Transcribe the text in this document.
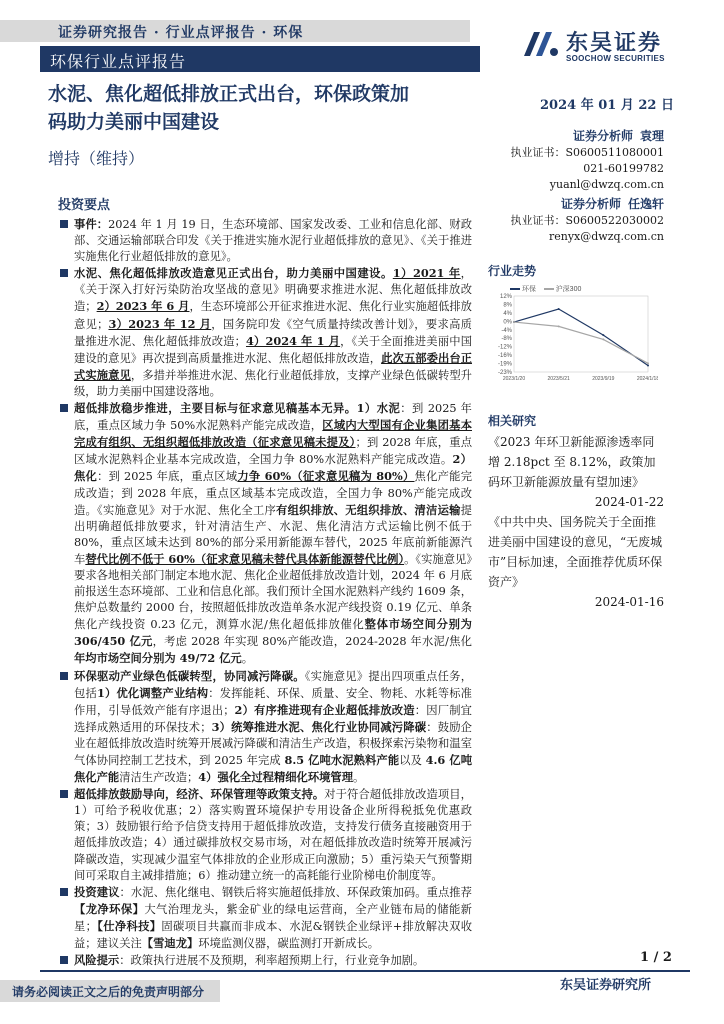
证券研究报告 · 行业点评报告 · 环保
环保行业点评报告
东吴证券
SOOCHOW SECURITIES
水泥、焦化超低排放正式出台，环保政策加
码助力美丽中国建设
增持（维持）
2024 年 01 月 22 日
证券分析师 袁理
执业证书：S0600511080001
021-60199782
yuanl@dwzq.com.cn
证券分析师 任逸轩
执业证书：S0600522030002
renyx@dwzq.com.cn
行业走势
12%
8%
4%
0%
-4%
-8%
-12%
-16%
-19%
-23%
2023/1/20	2023/5/21	2023/9/19	2024/1/18
环保	沪深300
相关研究
《2023 年环卫新能源渗透率同增 2.18pct 至 8.12%，政策加码环卫新能源放量有望加速》
2024-01-22
《中共中央、国务院关于全面推进美丽中国建设的意见，“无废城市”目标加速，全面推荐优质环保资产》
2024-01-16
投资要点
事件：2024 年 1 月 19 日，生态环境部、国家发改委、工业和信息化部、财政部、交通运输部联合印发《关于推进实施水泥行业超低排放的意见》、《关于推进实施焦化行业超低排放的意见》。
水泥、焦化超低排放改造意见正式出台，助力美丽中国建设。1）2021 年，《关于深入打好污染防治攻坚战的意见》明确要求推进水泥、焦化超低排放改造；2）2023 年 6 月，生态环境部公开征求推进水泥、焦化行业实施超低排放意见；3）2023 年 12 月，国务院印发《空气质量持续改善计划》，要求高质量推进水泥、焦化超低排放改造；4）2024 年 1 月，《关于全面推进美丽中国建设的意见》再次提到高质量推进水泥、焦化超低排放改造，此次五部委出台正式实施意见，多措并举推进水泥、焦化行业超低排放，支撑产业绿色低碳转型升级，助力美丽中国建设落地。
超低排放稳步推进，主要目标与征求意见稿基本无异。1）水泥：到 2025 年底，重点区域力争 50%水泥熟料产能完成改造，区域内大型国有企业集团基本完成有组织、无组织超低排放改造（征求意见稿未提及）；到 2028 年底，重点区域水泥熟料企业基本完成改造，全国力争 80%水泥熟料产能完成改造。2）焦化：到 2025 年底，重点区域力争 60%（征求意见稿为 80%）焦化产能完成改造；到 2028 年底，重点区域基本完成改造，全国力争 80%产能完成改造。《实施意见》对于水泥、焦化全工序有组织排放、无组织排放、清洁运输提出明确超低排放要求，针对清洁生产、水泥、焦化清洁方式运输比例不低于 80%，重点区域未达到 80%的部分采用新能源车替代，2025 年底前新能源汽车替代比例不低于 60%（征求意见稿未替代具体新能源替代比例）。《实施意见》要求各地相关部门制定本地水泥、焦化企业超低排放改造计划，2024 年 6 月底前报送生态环境部、工业和信息化部。我们预计全国水泥熟料产线约 1609 条，焦炉总数量约 2000 台，按照超低排放改造单条水泥产线投资 0.19 亿元、单条焦化产线投资 0.23 亿元，测算水泥/焦化超低排放催化整体市场空间分别为 306/450 亿元，考虑 2028 年实现 80%产能改造，2024-2028 年水泥/焦化年均市场空间分别为 49/72 亿元。
环保驱动产业绿色低碳转型，协同减污降碳。《实施意见》提出四项重点任务，包括1）优化调整产业结构：发挥能耗、环保、质量、安全、物耗、水耗等标准作用，引导低效产能有序退出；2）有序推进现有企业超低排放改造：因厂制宜选择成熟适用的环保技术；3）统筹推进水泥、焦化行业协同减污降碳：鼓励企业在超低排放改造时统筹开展减污降碳和清洁生产改造，积极探索污染物和温室气体协同控制工艺技术，到 2025 年完成 8.5 亿吨水泥熟料产能以及 4.6 亿吨焦化产能清洁生产改造；4）强化全过程精细化环境管理。
超低排放鼓励导向，经济、环保管理等政策支持。对于符合超低排放改造项目，1）可给予税收优惠；2）落实购置环境保护专用设备企业所得税抵免优惠政策；3）鼓励银行给予信贷支持用于超低排放改造，支持发行债务直接融资用于超低排放改造；4）通过碳排放权交易市场，对在超低排放改造时统筹开展减污降碳改造，实现减少温室气体排放的企业形成正向激励；5）重污染天气预警期间可采取自主减排措施；6）推动建立统一的高耗能行业阶梯电价制度等。
投资建议：水泥、焦化继电、钢铁后将实施超低排放、环保政策加码。重点推荐【龙净环保】大气治理龙头，紫金矿业的绿电运营商，全产业链布局的储能新星；【仕净科技】固碳项目共赢而非成本、水泥&钢铁企业绿评+排放解决双收益；建议关注【雪迪龙】环境监测仪器，碳监测打开新成长。
风险提示：政策执行进展不及预期，利率超预期上行，行业竞争加剧。	1 / 2
请务必阅读正文之后的免责声明部分	东吴证券研究所
